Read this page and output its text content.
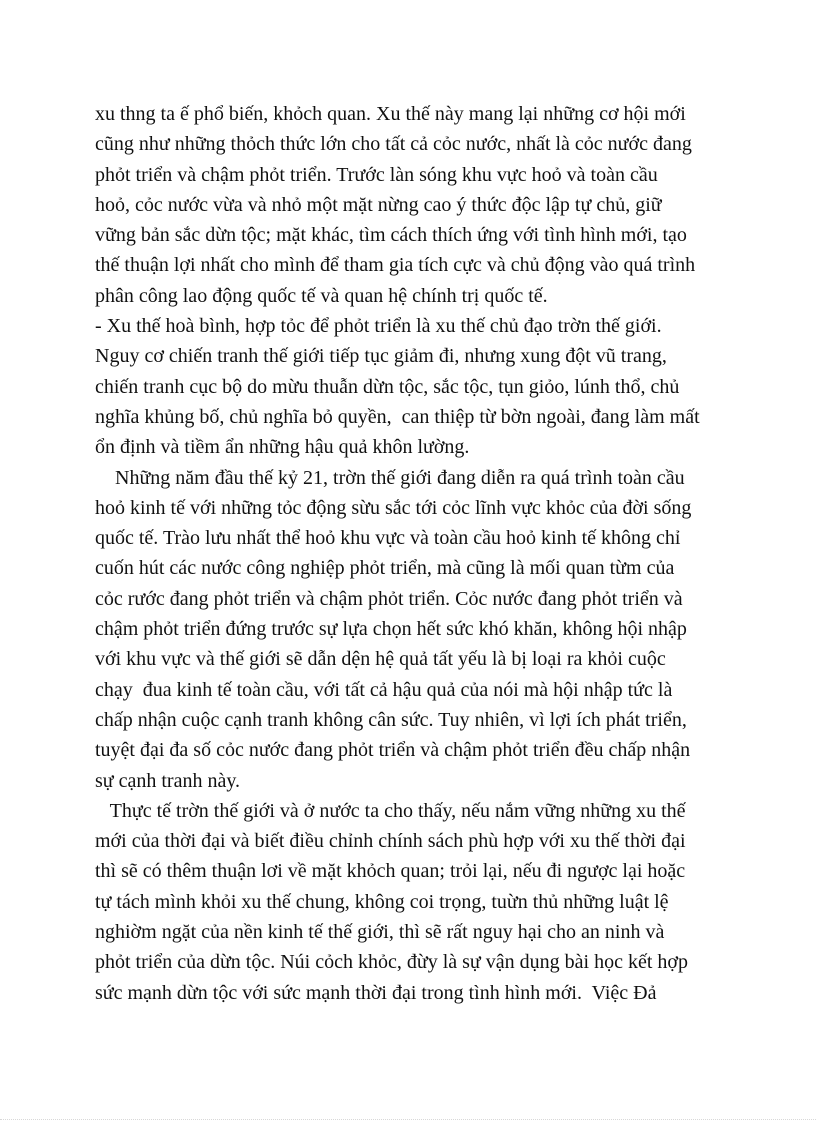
xu thng ta ế phổ biến, khỏch quan. Xu thế này mang lại những cơ hội mới
cũng như những thỏch thức lớn cho tất cả cỏc nước, nhất là cỏc nước đang
phỏt triển và chậm phỏt triển. Trước làn sóng khu vực hoỏ và toàn cầu
hoỏ, cỏc nước vừa và nhỏ một mặt nừng cao ý thức độc lập tự chủ, giữ
vững bản sắc dừn tộc; mặt khác, tìm cách thích ứng với tình hình mới, tạo
thế thuận lợi nhất cho mình để tham gia tích cực và chủ động vào quá trình
phân công lao động quốc tế và quan hệ chính trị quốc tế.
- Xu thế hoà bình, hợp tỏc để phỏt triển là xu thế chủ đạo trờn thế giới.
Nguy cơ chiến tranh thế giới tiếp tục giảm đi, nhưng xung đột vũ trang,
chiến tranh cục bộ do mừu thuẫn dừn tộc, sắc tộc, tụn giỏo, lúnh thổ, chủ
nghĩa khủng bố, chủ nghĩa bỏ quyền,  can thiệp từ bờn ngoài, đang làm mất
ổn định và tiềm ẩn những hậu quả khôn lường.
Những năm đầu thế kỷ 21, trờn thế giới đang diễn ra quá trình toàn cầu
hoỏ kinh tế với những tỏc động sừu sắc tới cỏc lĩnh vực khỏc của đời sống
quốc tế. Trào lưu nhất thể hoỏ khu vực và toàn cầu hoỏ kinh tế không chỉ
cuốn hút các nước công nghiệp phỏt triển, mà cũng là mối quan từm của
cỏc rước đang phỏt triển và chậm phỏt triển. Cỏc nước đang phỏt triển và
chậm phỏt triển đứng trước sự lựa chọn hết sức khó khăn, không hội nhập
với khu vực và thế giới sẽ dẫn dện hệ quả tất yếu là bị loại ra khỏi cuộc
chạy  đua kinh tế toàn cầu, với tất cả hậu quả của nói mà hội nhập tức là
chấp nhận cuộc cạnh tranh không cân sức. Tuy nhiên, vì lợi ích phát triển,
tuyệt đại đa số cỏc nước đang phỏt triển và chậm phỏt triển đều chấp nhận
sự cạnh tranh này.
Thực tế trờn thế giới và ở nước ta cho thấy, nếu nắm vững những xu thế
mới của thời đại và biết điều chỉnh chính sách phù hợp với xu thế thời đại
thì sẽ có thêm thuận lơi về mặt khỏch quan; trỏi lại, nếu đi ngược lại hoặc
tự tách mình khỏi xu thế chung, không coi trọng, tuừn thủ những luật lệ
nghiờm ngặt của nền kinh tế thế giới, thì sẽ rất nguy hại cho an ninh và
phỏt triển của dừn tộc. Núi cỏch khỏc, đừy là sự vận dụng bài học kết hợp
sức mạnh dừn tộc với sức mạnh thời đại trong tình hình mới.  Việc Đả
